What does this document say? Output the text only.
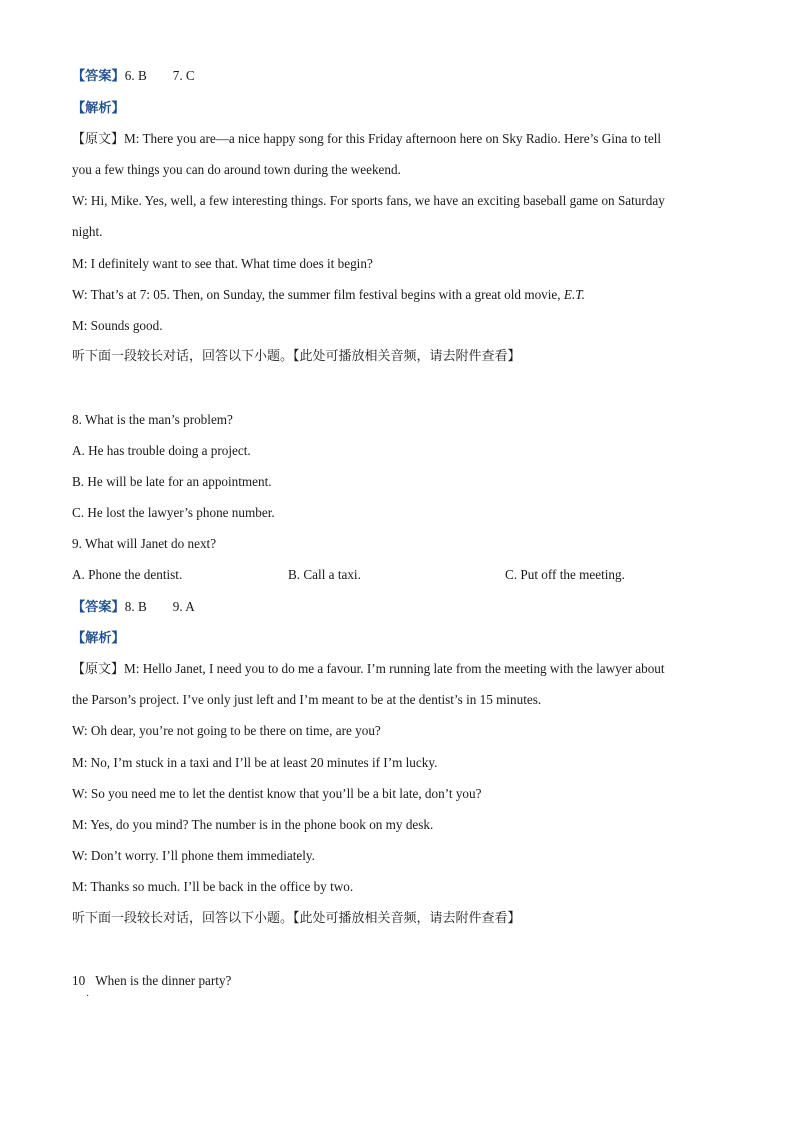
【答案】6. B 7. C
【解析】
【原文】M: There you are—a nice happy song for this Friday afternoon here on Sky Radio. Here’s Gina to tell
you a few things you can do around town during the weekend.
W: Hi, Mike. Yes, well, a few interesting things. For sports fans, we have an exciting baseball game on Saturday
night.
M: I definitely want to see that. What time does it begin?
W: That’s at 7: 05. Then, on Sunday, the summer film festival begins with a great old movie, E.T.
M: Sounds good.
听下面一段较长对话，回答以下小题。【此处可播放相关音频，请去附件查看】
8. What is the man’s problem?
A. He has trouble doing a project.
B. He will be late for an appointment.
C. He lost the lawyer’s phone number.
9. What will Janet do next?
A. Phone the dentist.	B. Call a taxi.	C. Put off the meeting.
【答案】8. B 9. A
【解析】
【原文】M: Hello Janet, I need you to do me a favour. I’m running late from the meeting with the lawyer about
the Parson’s project. I’ve only just left and I’m meant to be at the dentist’s in 15 minutes.
W: Oh dear, you’re not going to be there on time, are you?
M: No, I’m stuck in a taxi and I’ll be at least 20 minutes if I’m lucky.
W: So you need me to let the dentist know that you’ll be a bit late, don’t you?
M: Yes, do you mind? The number is in the phone book on my desk.
W: Don’t worry. I’ll phone them immediately.
M: Thanks so much. I’ll be back in the office by two.
听下面一段较长对话，回答以下小题。【此处可播放相关音频，请去附件查看】
10 When is the dinner party?
·
